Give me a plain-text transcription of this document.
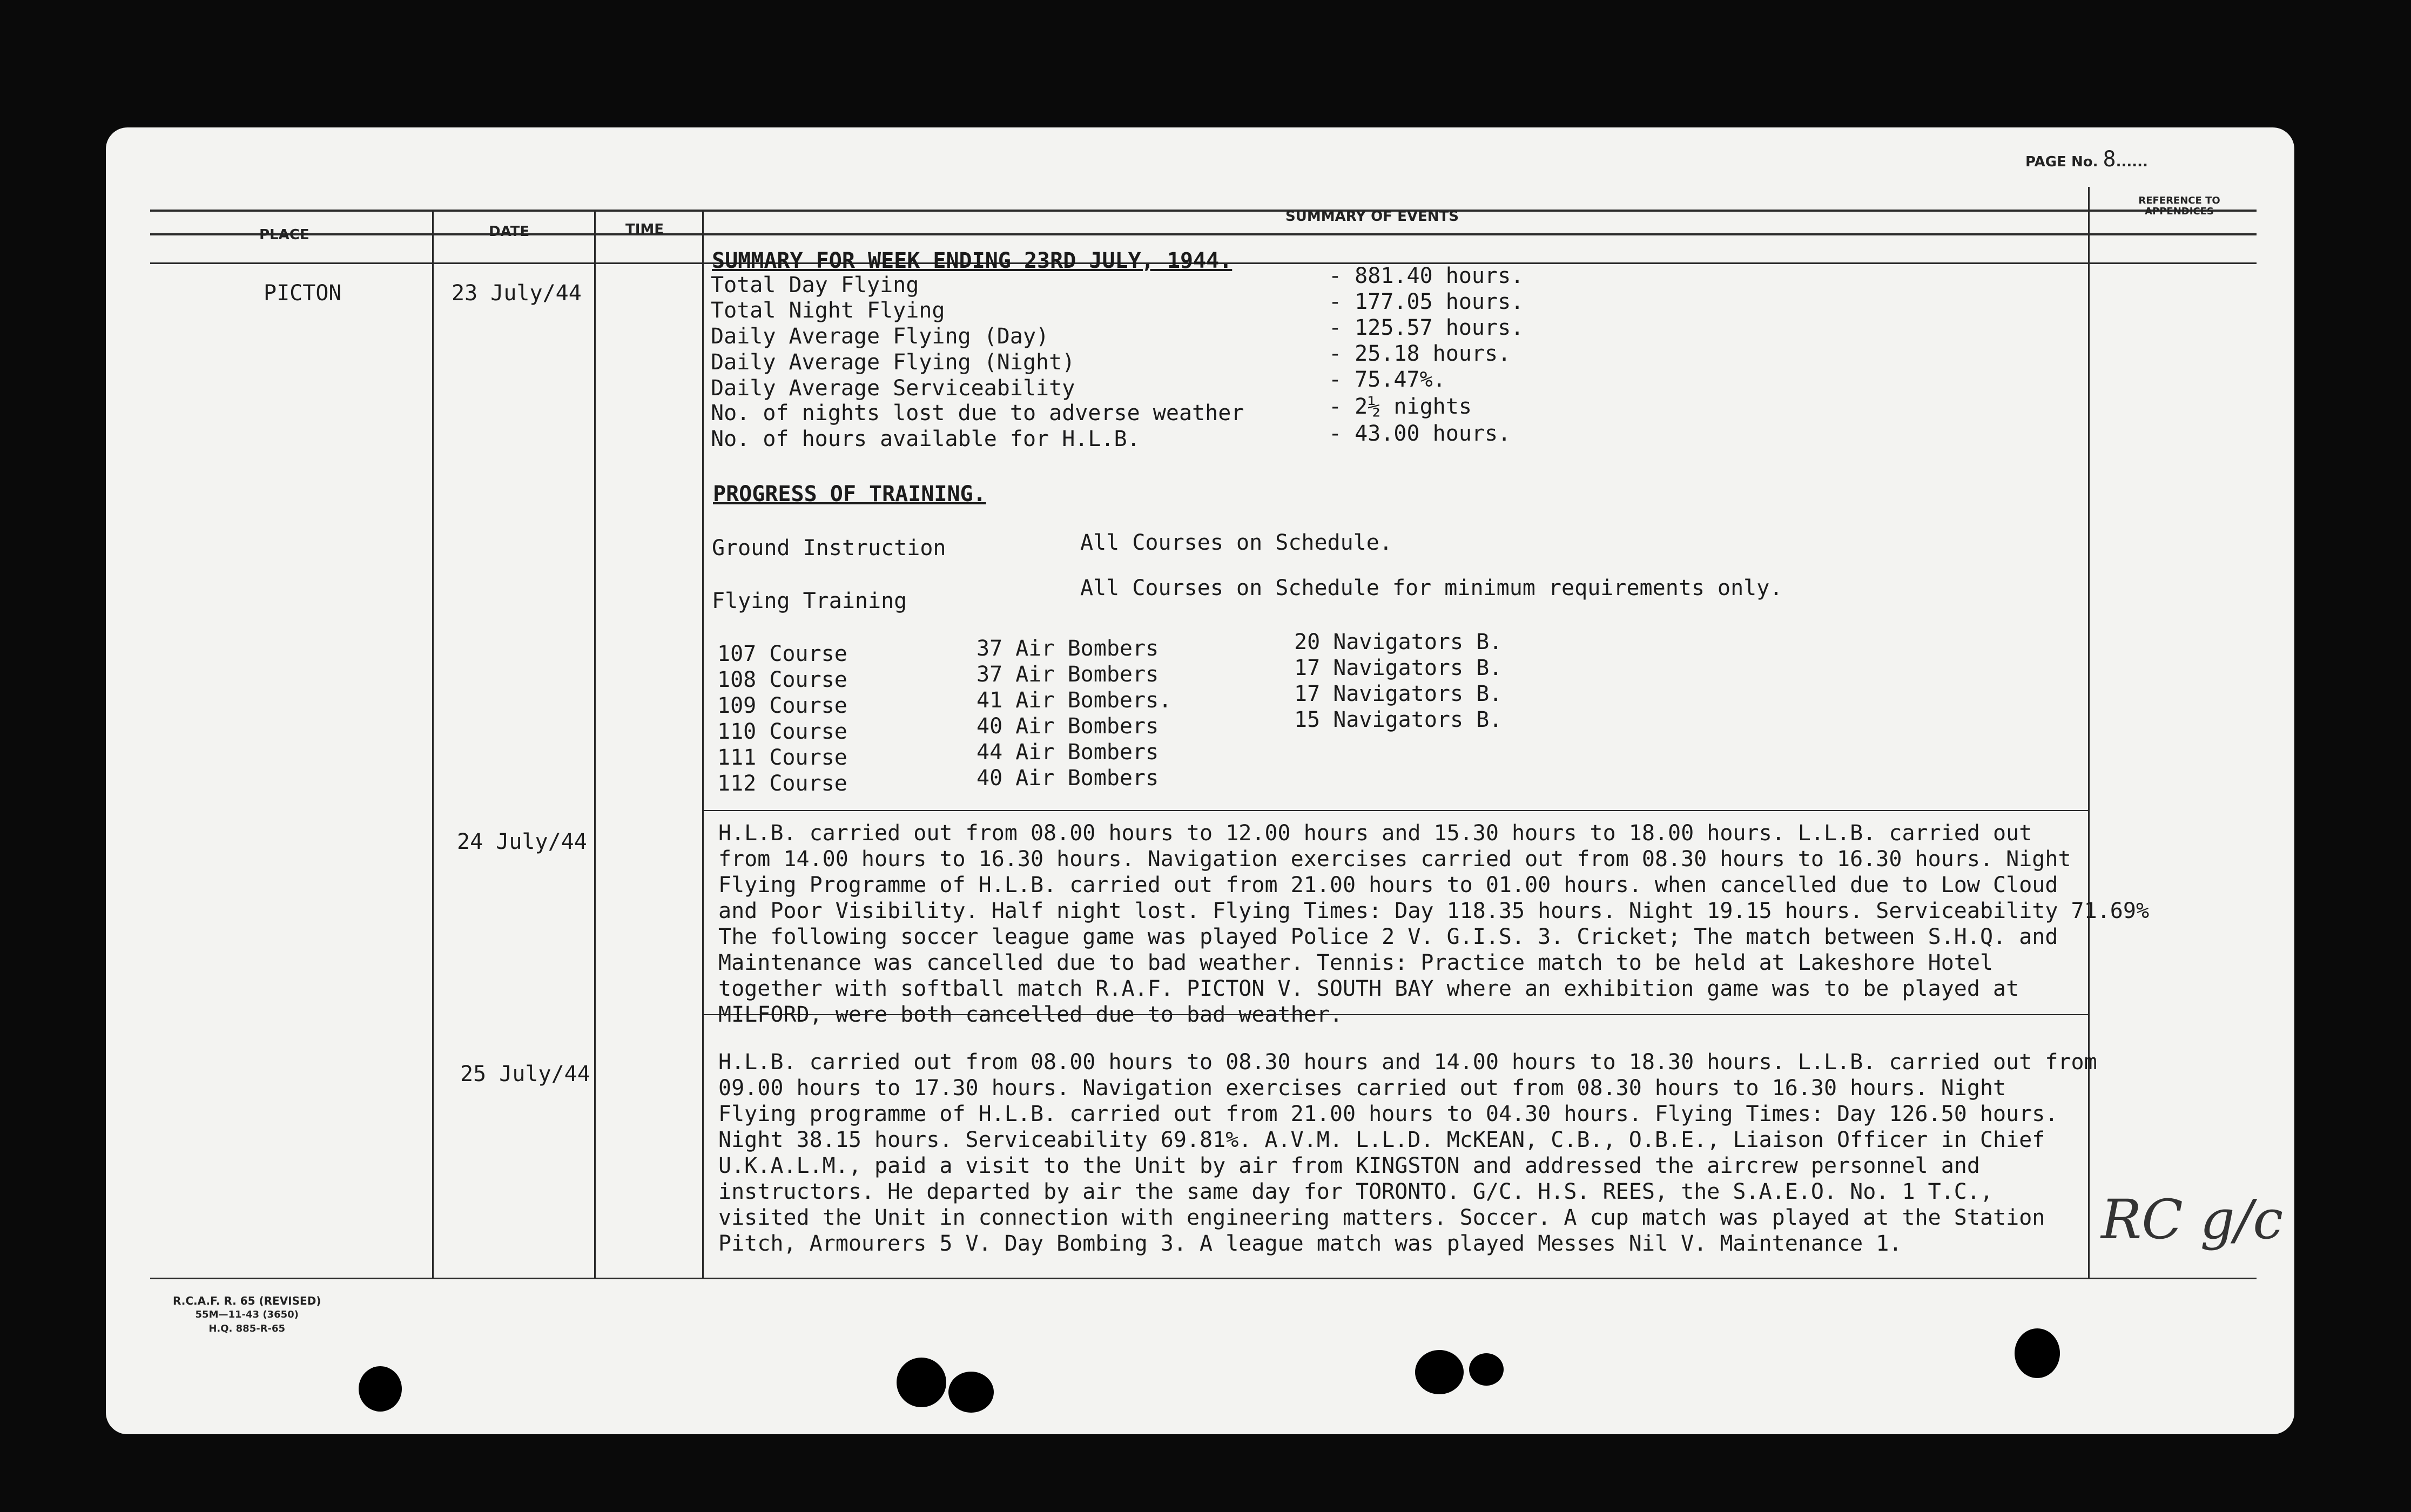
PAGE No. 8......
PLACE	DATE	TIME
SUMMARY OF EVENTS
REFERENCE TO APPENDICES
PICTON	23 July/44
SUMMARY FOR WEEK ENDING 23RD JULY, 1944.
Total Day Flying	- 881.40 hours.
Total Night Flying	- 177.05 hours.
Daily Average Flying (Day)	- 125.57 hours.
Daily Average Flying (Night)	- 25.18 hours.
Daily Average Serviceability	- 75.47%.
No. of nights lost due to adverse weather	- 2½ nights
No. of hours available for H.L.B.	- 43.00 hours.
PROGRESS OF TRAINING.
Ground Instruction	All Courses on Schedule.
Flying Training
All Courses on Schedule for minimum requirements only.
107 Course	37 Air Bombers	20 Navigators B.
108 Course	37 Air Bombers	17 Navigators B.
109 Course	41 Air Bombers.	17 Navigators B.
110 Course	40 Air Bombers	15 Navigators B.
111 Course	44 Air Bombers
112 Course	40 Air Bombers
24 July/44	H.L.B. carried out from 08.00 hours to 12.00 hours and 15.30 hours to 18.00 hours. L.L.B. carried out
from 14.00 hours to 16.30 hours. Navigation exercises carried out from 08.30 hours to 16.30 hours. Night
Flying Programme of H.L.B. carried out from 21.00 hours to 01.00 hours. when cancelled due to Low Cloud
and Poor Visibility. Half night lost. Flying Times: Day 118.35 hours. Night 19.15 hours. Serviceability 71.69%
The following soccer league game was played Police 2 V. G.I.S. 3. Cricket; The match between S.H.Q. and
Maintenance was cancelled due to bad weather. Tennis: Practice match to be held at Lakeshore Hotel
together with softball match R.A.F. PICTON V. SOUTH BAY where an exhibition game was to be played at
MILFORD, were both cancelled due to bad weather.
25 July/44	H.L.B. carried out from 08.00 hours to 08.30 hours and 14.00 hours to 18.30 hours. L.L.B. carried out from
09.00 hours to 17.30 hours. Navigation exercises carried out from 08.30 hours to 16.30 hours. Night
Flying programme of H.L.B. carried out from 21.00 hours to 04.30 hours. Flying Times: Day 126.50 hours.
Night 38.15 hours. Serviceability 69.81%. A.V.M. L.L.D. McKEAN, C.B., O.B.E., Liaison Officer in Chief
U.K.A.L.M., paid a visit to the Unit by air from KINGSTON and addressed the aircrew personnel and
instructors. He departed by air the same day for TORONTO. G/C. H.S. REES, the S.A.E.O. No. 1 T.C.,
visited the Unit in connection with engineering matters. Soccer. A cup match was played at the Station
Pitch, Armourers 5 V. Day Bombing 3. A league match was played Messes Nil V. Maintenance 1.	RC g/c
R.C.A.F. R. 65 (REVISED)
55M—11-43 (3650)
H.Q. 885-R-65
